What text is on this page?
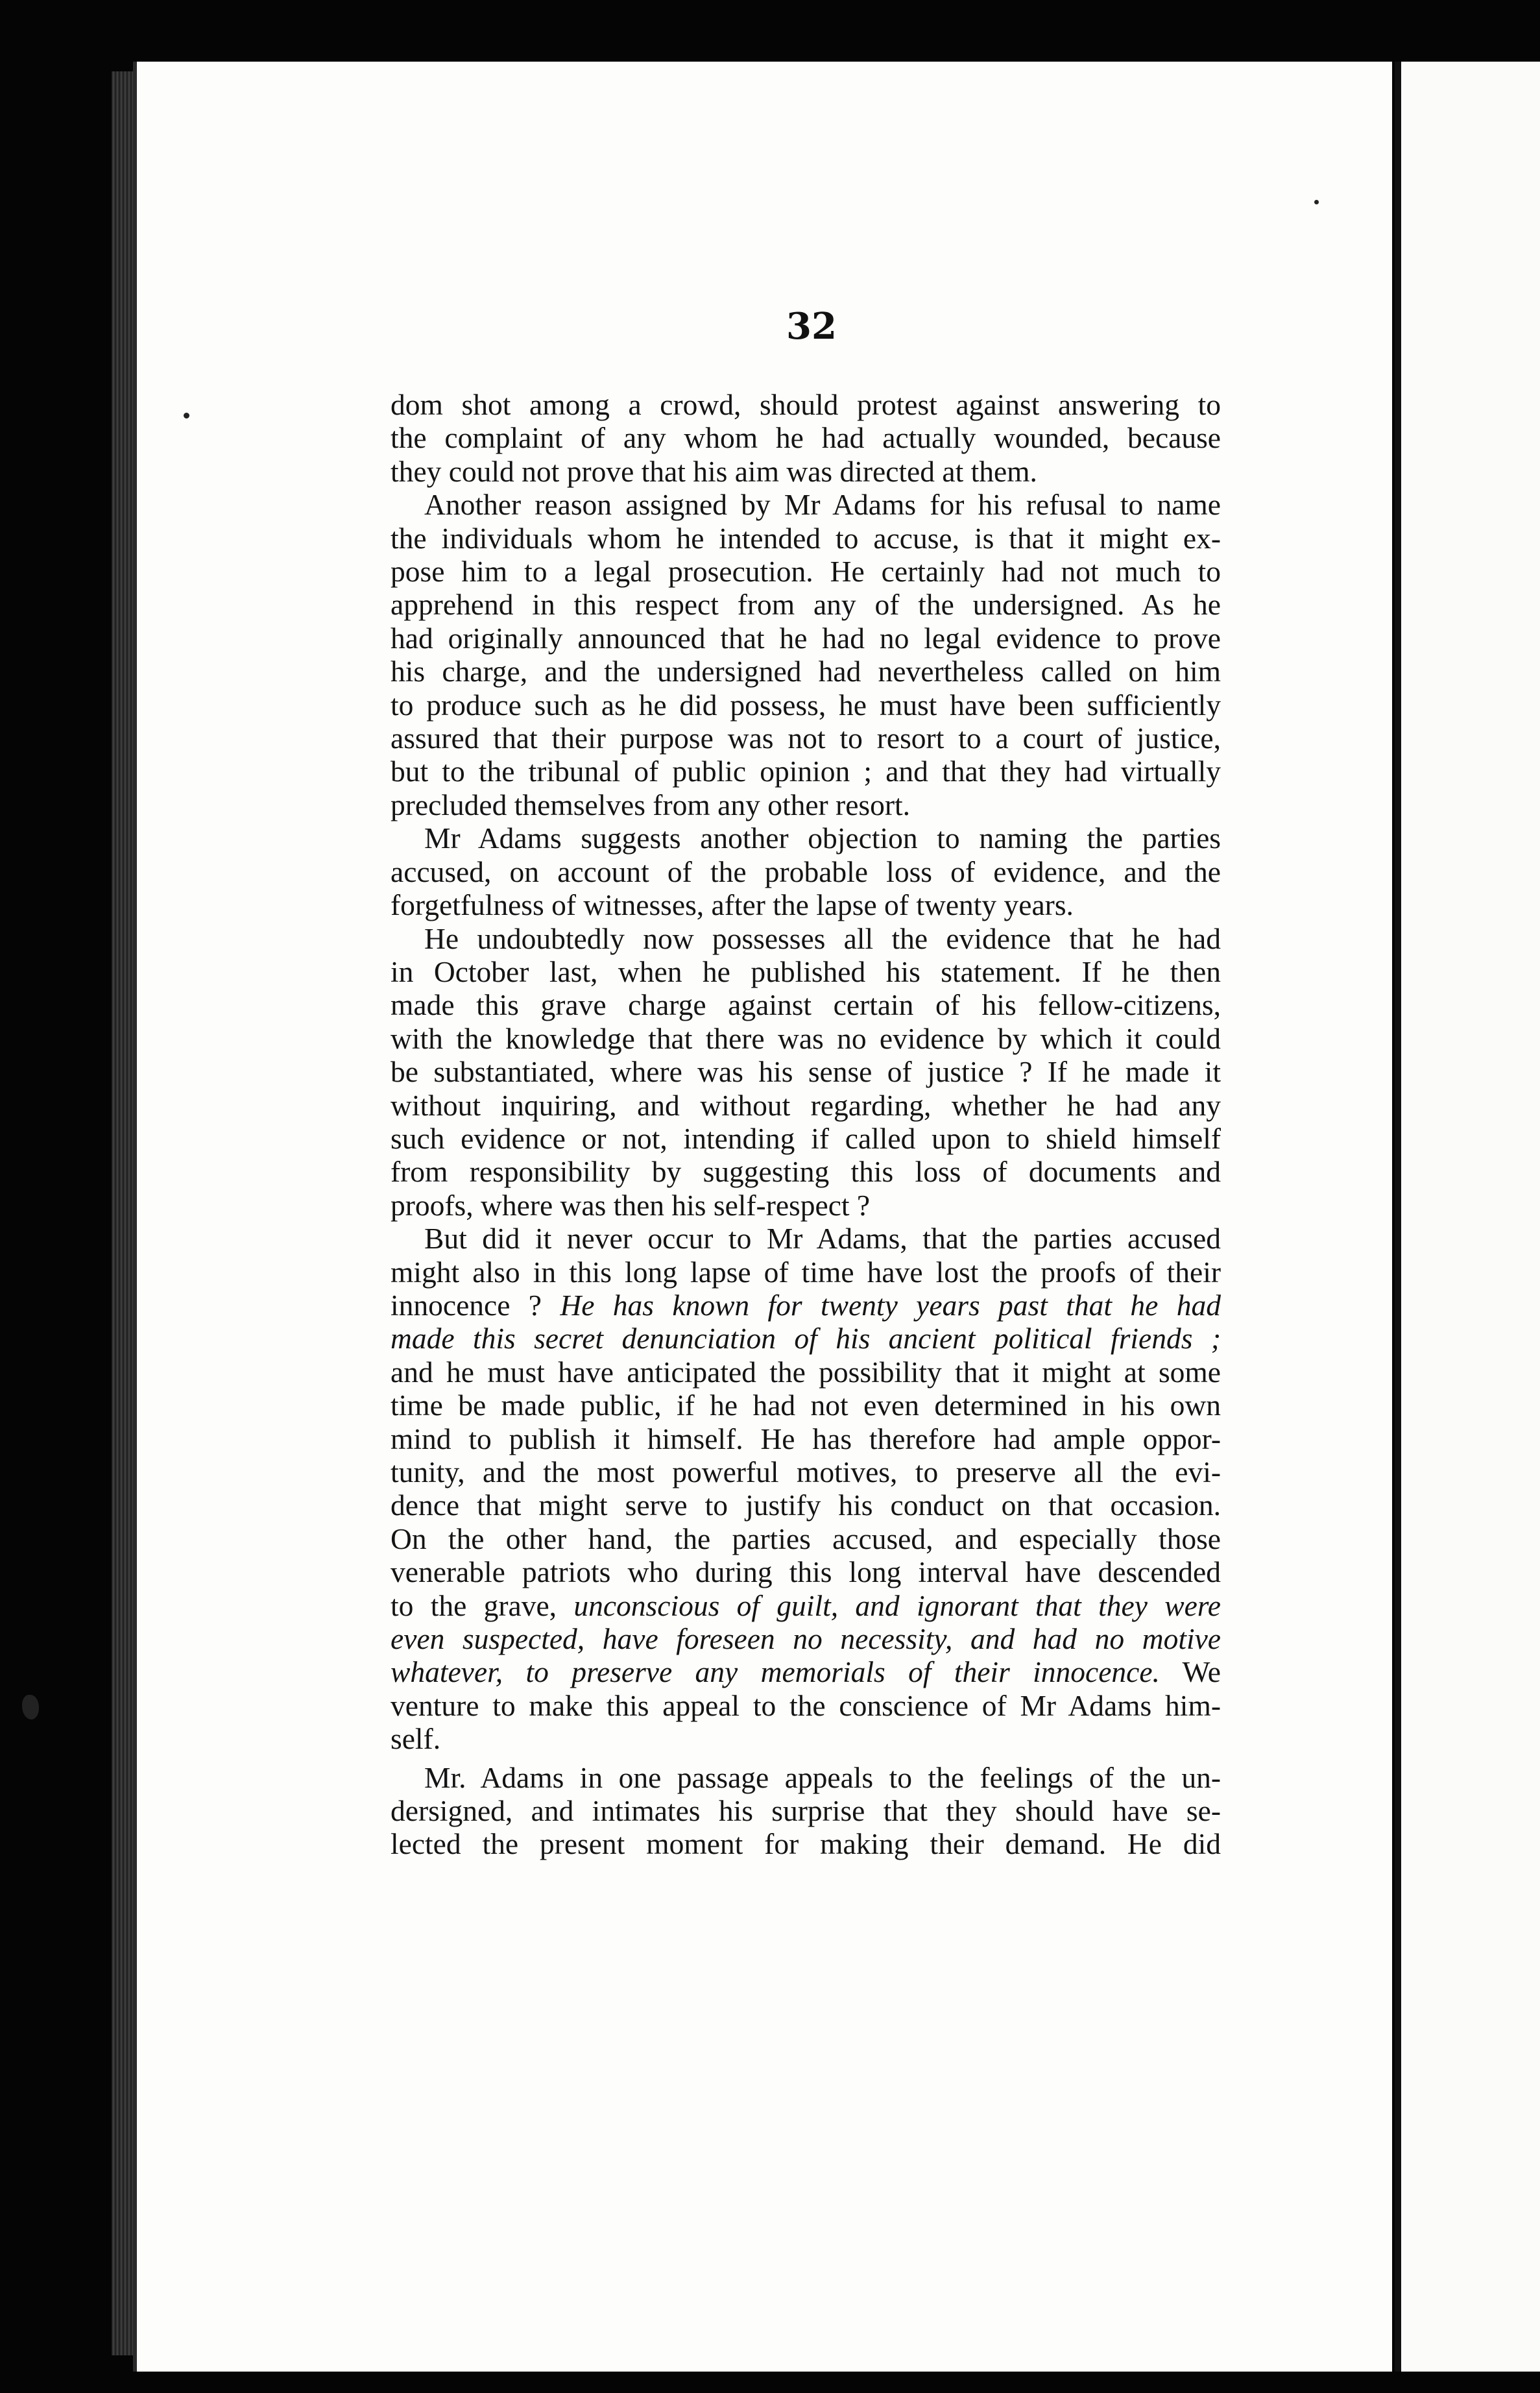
32
dom shot among a crowd, should protest against answering to
the complaint of any whom he had actually wounded, because
they could not prove that his aim was directed at them.
Another reason assigned by Mr Adams for his refusal to name
the individuals whom he intended to accuse, is that it might ex-
pose him to a legal prosecution. He certainly had not much to
apprehend in this respect from any of the undersigned. As he
had originally announced that he had no legal evidence to prove
his charge, and the undersigned had nevertheless called on him
to produce such as he did possess, he must have been sufficiently
assured that their purpose was not to resort to a court of justice,
but to the tribunal of public opinion ; and that they had virtually
precluded themselves from any other resort.
Mr Adams suggests another objection to naming the parties
accused, on account of the probable loss of evidence, and the
forgetfulness of witnesses, after the lapse of twenty years.
He undoubtedly now possesses all the evidence that he had
in October last, when he published his statement. If he then
made this grave charge against certain of his fellow-citizens,
with the knowledge that there was no evidence by which it could
be substantiated, where was his sense of justice ? If he made it
without inquiring, and without regarding, whether he had any
such evidence or not, intending if called upon to shield himself
from responsibility by suggesting this loss of documents and
proofs, where was then his self-respect ?
But did it never occur to Mr Adams, that the parties accused
might also in this long lapse of time have lost the proofs of their
innocence ? He has known for twenty years past that he had
made this secret denunciation of his ancient political friends ;
and he must have anticipated the possibility that it might at some
time be made public, if he had not even determined in his own
mind to publish it himself. He has therefore had ample oppor-
tunity, and the most powerful motives, to preserve all the evi-
dence that might serve to justify his conduct on that occasion.
On the other hand, the parties accused, and especially those
venerable patriots who during this long interval have descended
to the grave, unconscious of guilt, and ignorant that they were
even suspected, have foreseen no necessity, and had no motive
whatever, to preserve any memorials of their innocence. We
venture to make this appeal to the conscience of Mr Adams him-
self.
Mr. Adams in one passage appeals to the feelings of the un-
dersigned, and intimates his surprise that they should have se-
lected the present moment for making their demand. He did
